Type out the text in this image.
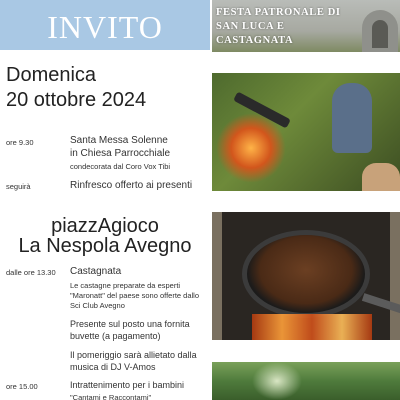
INVITO	FESTA PATRONALE DI
SAN LUCA E
CASTAGNATA
Domenica
20 ottobre 2024
ore 9.30	Santa Messa Solenne
in Chiesa Parrocchiale
condecorata dal Coro Vox Tibi
seguirà	Rinfresco offerto ai presenti
piazzAgioco
La Nespola Avegno
dalle ore 13.30 Castagnata
Le castagne preparate da esperti
"Maronatt" del paese sono offerte dallo
Sci Club Avegno
Presente sul posto una fornita
buvette (a pagamento)
Il pomeriggio sarà allietato dalla
musica di DJ V-Amos
ore 15.00	Intrattenimento per i bambini
"Cantami e Raccontami"
